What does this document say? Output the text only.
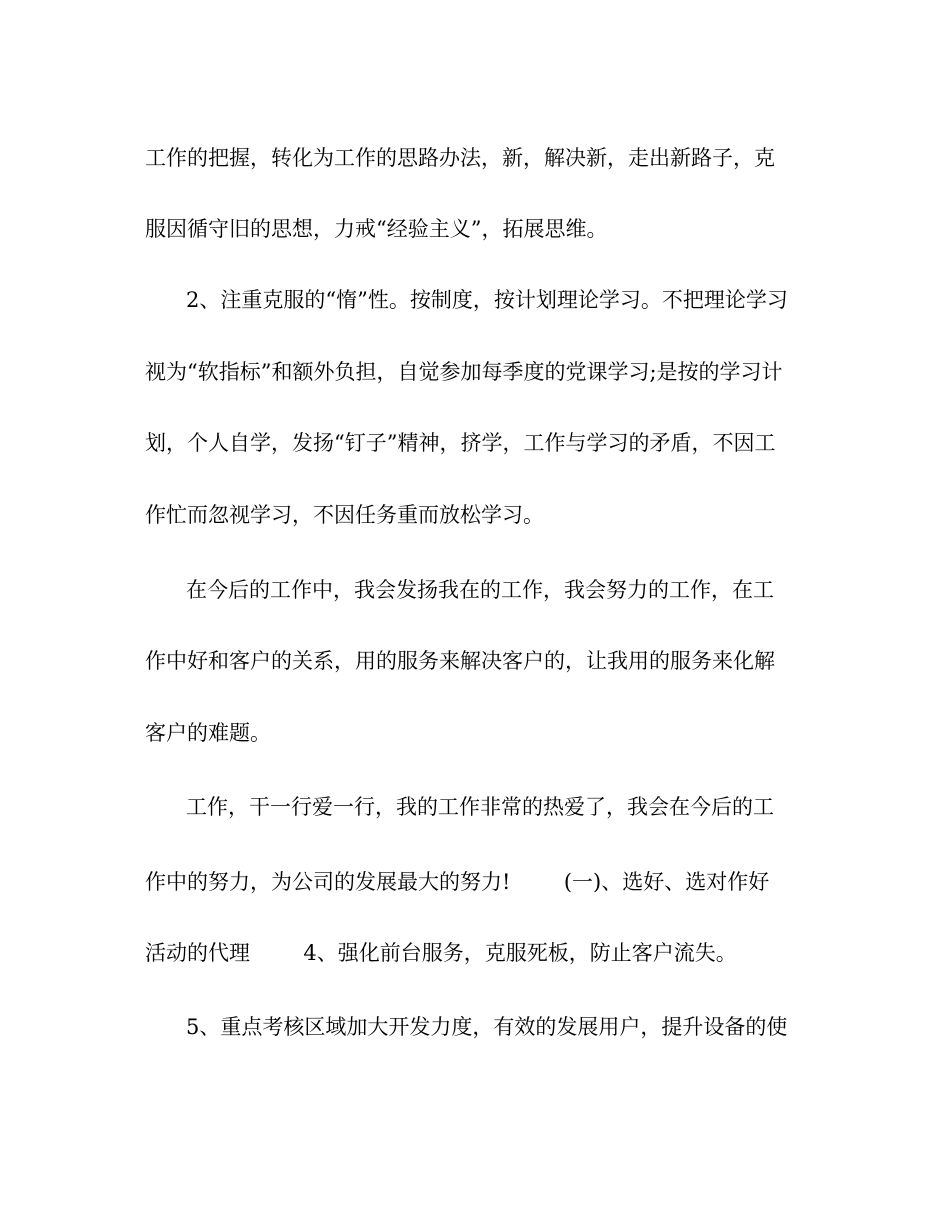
工作的把握，转化为工作的思路办法，新，解决新，走出新路子，克
服因循守旧的思想，力戒“经验主义”，拓展思维。
2、注重克服的“惰”性。按制度，按计划理论学习。不把理论学习
视为“软指标”和额外负担，自觉参加每季度的党课学习;是按的学习计
划，个人自学，发扬“钉子”精神，挤学，工作与学习的矛盾，不因工
作忙而忽视学习，不因任务重而放松学习。
在今后的工作中，我会发扬我在的工作，我会努力的工作，在工
作中好和客户的关系，用的服务来解决客户的，让我用的服务来化解
客户的难题。
工作，干一行爱一行，我的工作非常的热爱了，我会在今后的工
作中的努力，为公司的发展最大的努力!        (一)、选好、选对作好
活动的代理        4、强化前台服务，克服死板，防止客户流失。
5、重点考核区域加大开发力度，有效的发展用户，提升设备的使
